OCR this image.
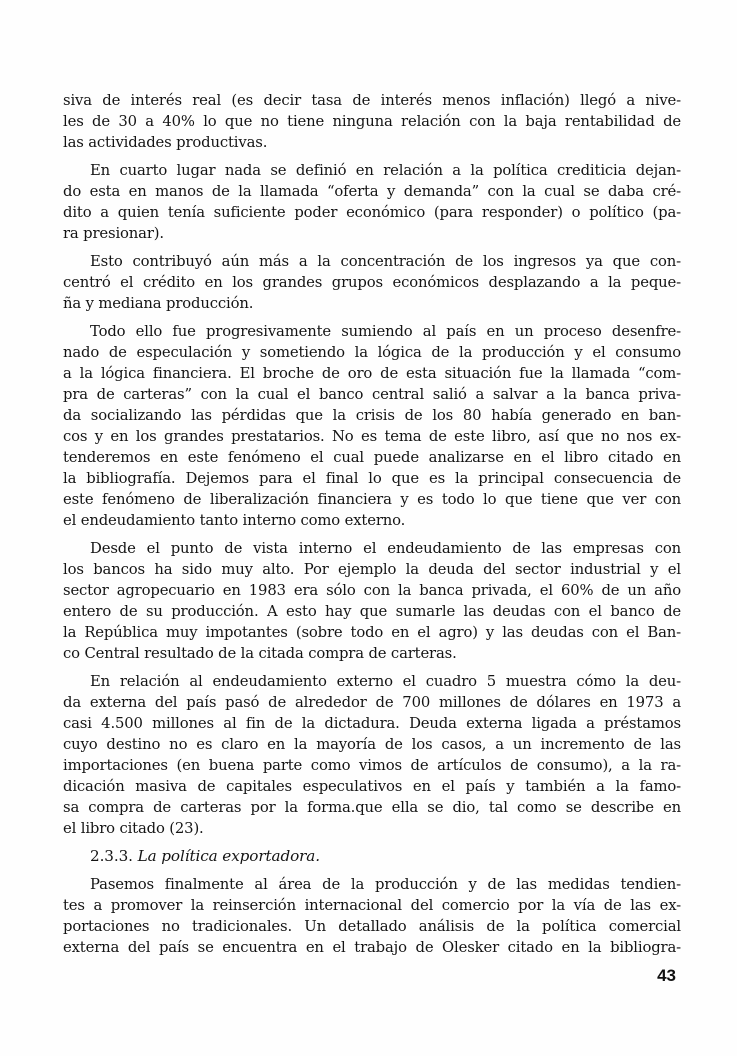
siva de interés real (es decir tasa de interés menos inflación) llegó a nive-
les de 30 a 40% lo que no tiene ninguna relación con la baja rentabilidad de
las actividades productivas.
En cuarto lugar nada se definió en relación a la política crediticia dejan-
do esta en manos de la llamada “oferta y demanda” con la cual se daba cré-
dito a quien tenía suficiente poder económico (para responder) o político (pa-
ra presionar).
Esto contribuyó aún más a la concentración de los ingresos ya que con-
centró el crédito en los grandes grupos económicos desplazando a la peque-
ña y mediana producción.
Todo ello fue progresivamente sumiendo al país en un proceso desenfre-
nado de especulación y sometiendo la lógica de la producción y el consumo
a la lógica financiera. El broche de oro de esta situación fue la llamada “com-
pra de carteras” con la cual el banco central salió a salvar a la banca priva-
da socializando las pérdidas que la crisis de los 80 había generado en ban-
cos y en los grandes prestatarios. No es tema de este libro, así que no nos ex-
tenderemos en este fenómeno el cual puede analizarse en el libro citado en
la bibliografía. Dejemos para el final lo que es la principal consecuencia de
este fenómeno de liberalización financiera y es todo lo que tiene que ver con
el endeudamiento tanto interno como externo.
Desde el punto de vista interno el endeudamiento de las empresas con
los bancos ha sido muy alto. Por ejemplo la deuda del sector industrial y el
sector agropecuario en 1983 era sólo con la banca privada, el 60% de un año
entero de su producción. A esto hay que sumarle las deudas con el banco de
la República muy impotantes (sobre todo en el agro) y las deudas con el Ban-
co Central resultado de la citada compra de carteras.
En relación al endeudamiento externo el cuadro 5 muestra cómo la deu-
da externa del país pasó de alrededor de 700 millones de dólares en 1973 a
casi 4.500 millones al fin de la dictadura. Deuda externa ligada a préstamos
cuyo destino no es claro en la mayoría de los casos, a un incremento de las
importaciones (en buena parte como vimos de artículos de consumo), a la ra-
dicación masiva de capitales especulativos en el país y también a la famo-
sa compra de carteras por la forma.que ella se dio, tal como se describe en
el libro citado (23).
2.3.3. La política exportadora.
Pasemos finalmente al área de la producción y de las medidas tendien-
tes a promover la reinserción internacional del comercio por la vía de las ex-
portaciones no tradicionales. Un detallado análisis de la política comercial
externa del país se encuentra en el trabajo de Olesker citado en la bibliogra-
43
